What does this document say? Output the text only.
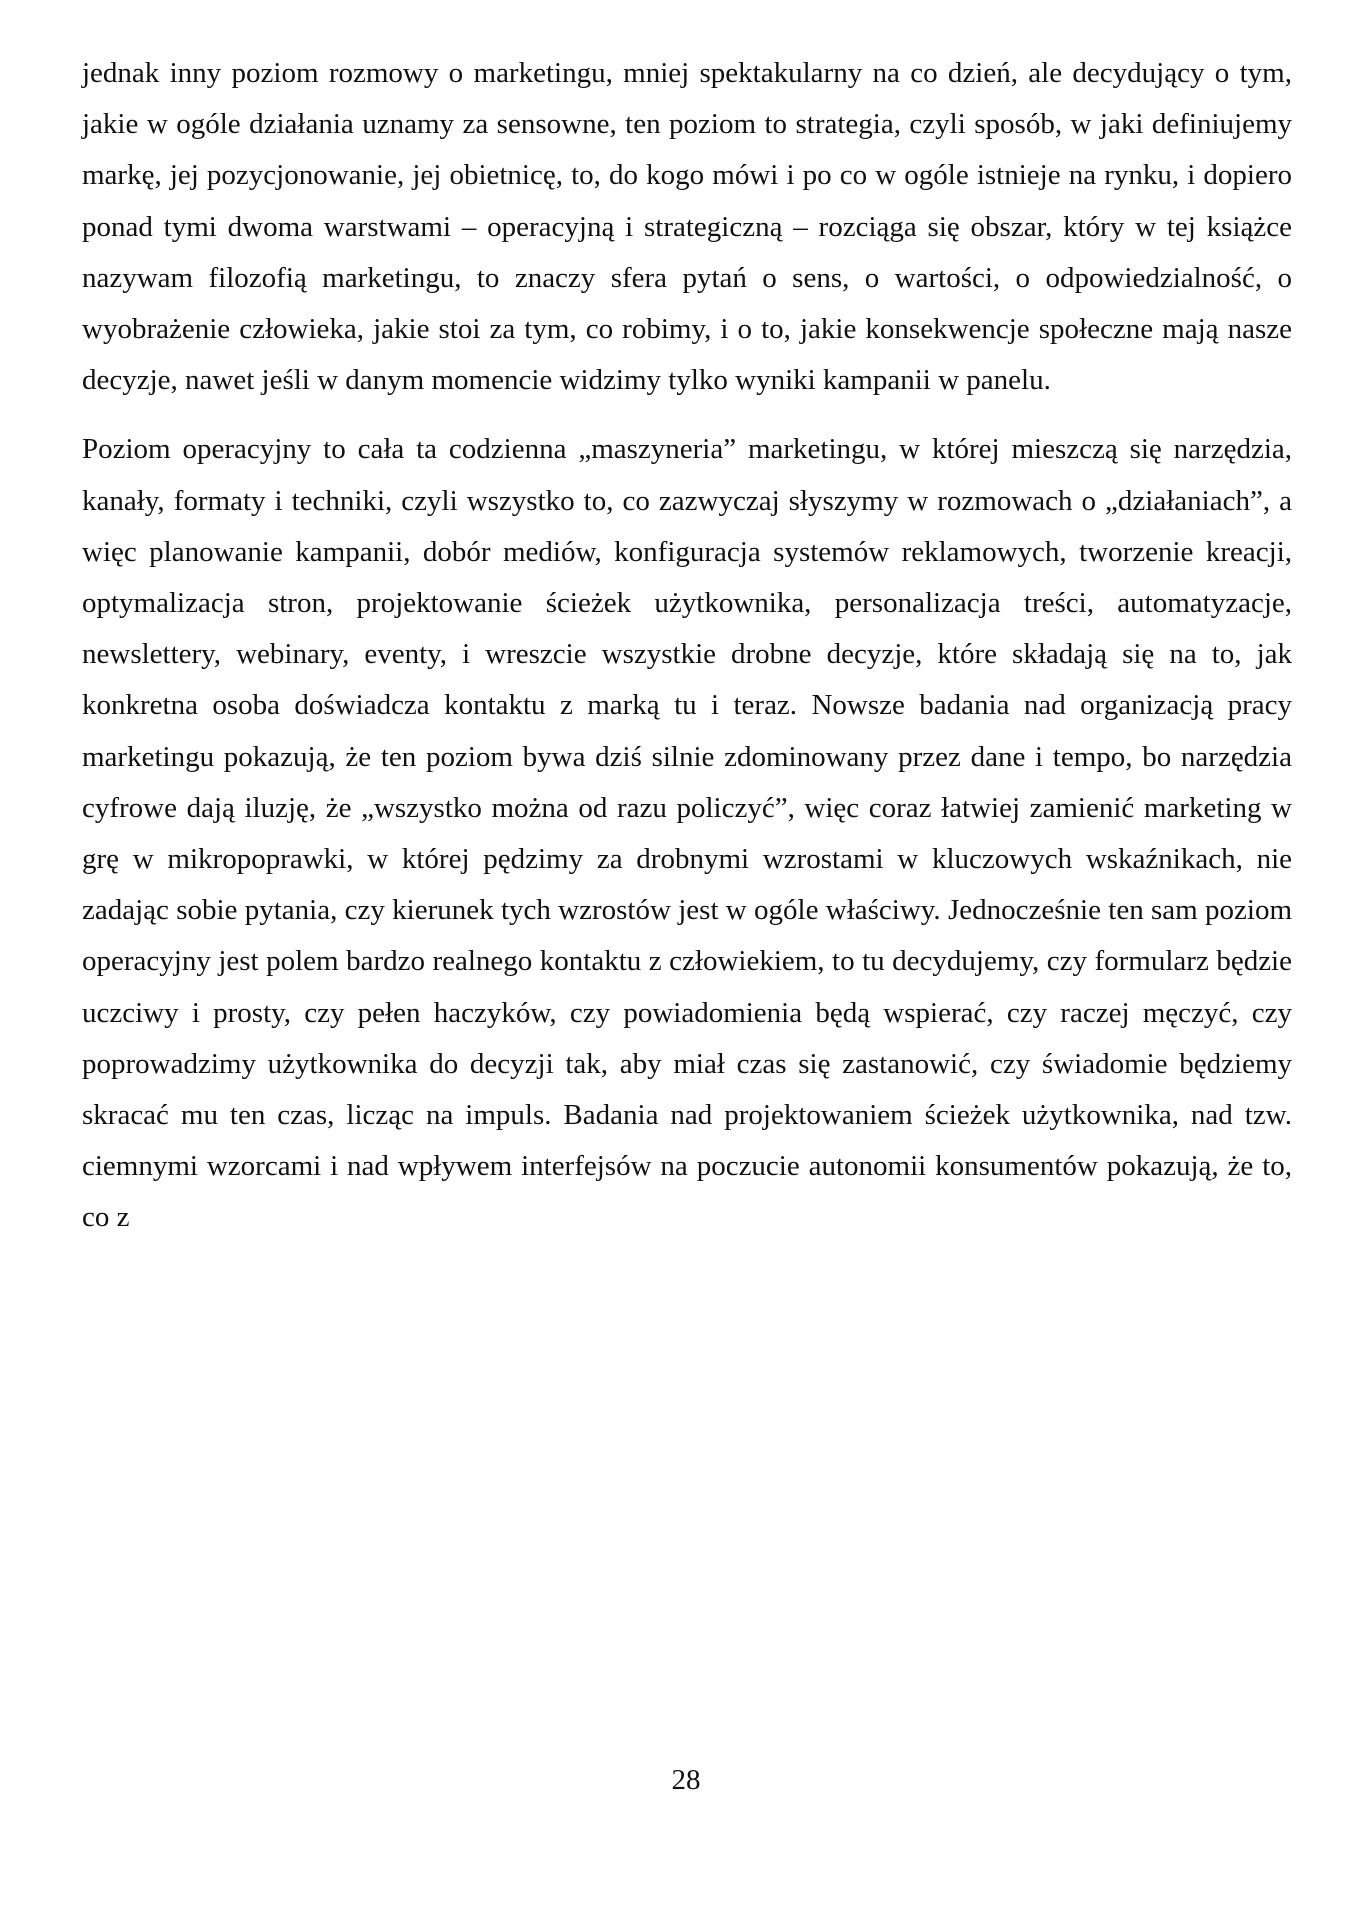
jednak inny poziom rozmowy o marketingu, mniej spektakularny na co dzień, ale decydujący o tym, jakie w ogóle działania uznamy za sensowne, ten poziom to strategia, czyli sposób, w jaki definiujemy markę, jej pozycjonowanie, jej obietnicę, to, do kogo mówi i po co w ogóle istnieje na rynku, i dopiero ponad tymi dwoma warstwami – operacyjną i strategiczną – rozciąga się obszar, który w tej książce nazywam filozofią marketingu, to znaczy sfera pytań o sens, o wartości, o odpowiedzialność, o wyobrażenie człowieka, jakie stoi za tym, co robimy, i o to, jakie konsekwencje społeczne mają nasze decyzje, nawet jeśli w danym momencie widzimy tylko wyniki kampanii w panelu.

Poziom operacyjny to cała ta codzienna „maszyneria” marketingu, w której mieszczą się narzędzia, kanały, formaty i techniki, czyli wszystko to, co zazwyczaj słyszymy w rozmowach o „działaniach”, a więc planowanie kampanii, dobór mediów, konfiguracja systemów reklamowych, tworzenie kreacji, optymalizacja stron, projektowanie ścieżek użytkownika, personalizacja treści, automatyzacje, newslettery, webinary, eventy, i wreszcie wszystkie drobne decyzje, które składają się na to, jak konkretna osoba doświadcza kontaktu z marką tu i teraz. Nowsze badania nad organizacją pracy marketingu pokazują, że ten poziom bywa dziś silnie zdominowany przez dane i tempo, bo narzędzia cyfrowe dają iluzję, że „wszystko można od razu policzyć”, więc coraz łatwiej zamienić marketing w grę w mikropoprawki, w której pędzimy za drobnymi wzrostami w kluczowych wskaźnikach, nie zadając sobie pytania, czy kierunek tych wzrostów jest w ogóle właściwy. Jednocześnie ten sam poziom operacyjny jest polem bardzo realnego kontaktu z człowiekiem, to tu decydujemy, czy formularz będzie uczciwy i prosty, czy pełen haczyków, czy powiadomienia będą wspierać, czy raczej męczyć, czy poprowadzimy użytkownika do decyzji tak, aby miał czas się zastanowić, czy świadomie będziemy skracać mu ten czas, licząc na impuls. Badania nad projektowaniem ścieżek użytkownika, nad tzw. ciemnymi wzorcami i nad wpływem interfejsów na poczucie autonomii konsumentów pokazują, że to, co z

28
